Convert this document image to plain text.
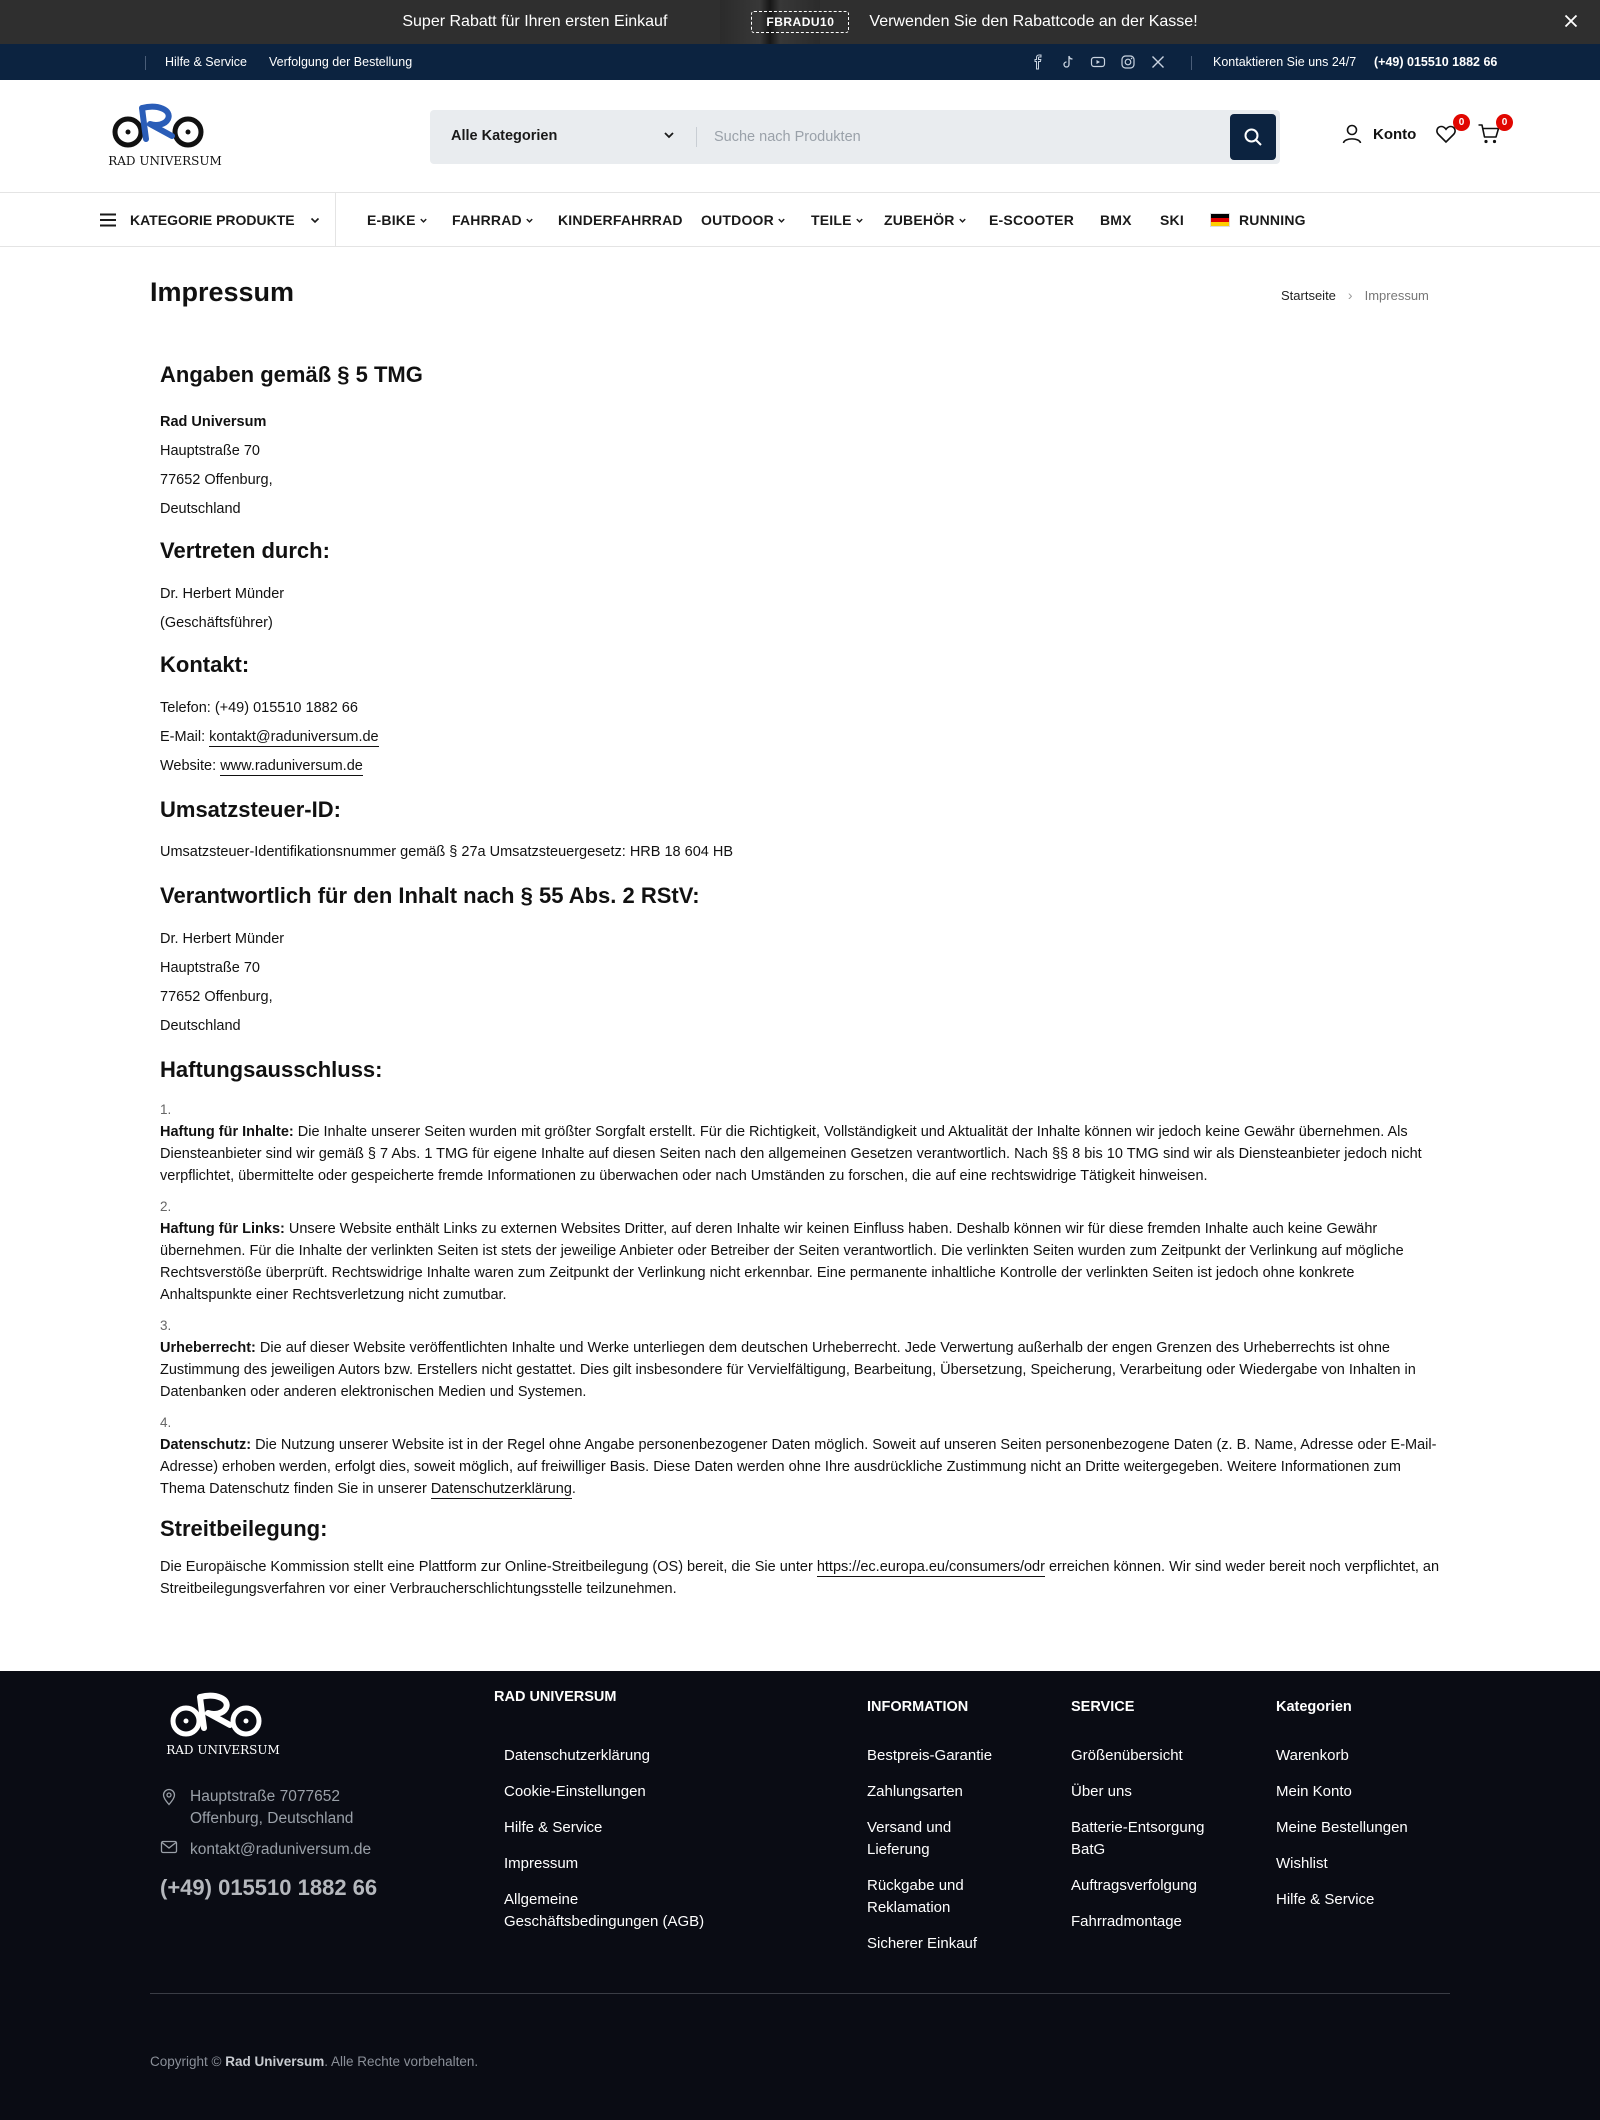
Super Rabatt für Ihren ersten Einkauf	FBRADU10	Verwenden Sie den Rabattcode an der Kasse!
Hilfe & Service Verfolgung der Bestellung	Kontaktieren Sie uns 24/7 (+49) 015510 1882 66
RAD UNIVERSUM
Alle Kategorien
Suche nach Produkten	Konto
0	0
KATEGORIE PRODUKTE	E-BIKE	FAHRRAD	KINDERFAHRRAD OUTDOOR	TEILE ZUBEHÖR E-SCOOTER BMX SKI	RUNNING
Impressum	Startseite › Impressum
Angaben gemäß § 5 TMG
Rad Universum
Hauptstraße 70
77652 Offenburg,
Deutschland
Vertreten durch:
Dr. Herbert Münder
(Geschäftsführer)
Kontakt:
Telefon: (+49) 015510 1882 66
E-Mail: kontakt@raduniversum.de
Website: www.raduniversum.de
Umsatzsteuer-ID:
Umsatzsteuer-Identifikationsnummer gemäß § 27a Umsatzsteuergesetz: HRB 18 604 HB
Verantwortlich für den Inhalt nach § 55 Abs. 2 RStV:
Dr. Herbert Münder
Hauptstraße 70
77652 Offenburg,
Deutschland
Haftungsausschluss:
1.
Haftung für Inhalte: Die Inhalte unserer Seiten wurden mit größter Sorgfalt erstellt. Für die Richtigkeit, Vollständigkeit und Aktualität der Inhalte können wir jedoch keine Gewähr übernehmen. Als Diensteanbieter sind wir gemäß § 7 Abs. 1 TMG für eigene Inhalte auf diesen Seiten nach den allgemeinen Gesetzen verantwortlich. Nach §§ 8 bis 10 TMG sind wir als Diensteanbieter jedoch nicht verpflichtet, übermittelte oder gespeicherte fremde Informationen zu überwachen oder nach Umständen zu forschen, die auf eine rechtswidrige Tätigkeit hinweisen.
2.
Haftung für Links: Unsere Website enthält Links zu externen Websites Dritter, auf deren Inhalte wir keinen Einfluss haben. Deshalb können wir für diese fremden Inhalte auch keine Gewähr übernehmen. Für die Inhalte der verlinkten Seiten ist stets der jeweilige Anbieter oder Betreiber der Seiten verantwortlich. Die verlinkten Seiten wurden zum Zeitpunkt der Verlinkung auf mögliche Rechtsverstöße überprüft. Rechtswidrige Inhalte waren zum Zeitpunkt der Verlinkung nicht erkennbar. Eine permanente inhaltliche Kontrolle der verlinkten Seiten ist jedoch ohne konkrete Anhaltspunkte einer Rechtsverletzung nicht zumutbar.
3.
Urheberrecht: Die auf dieser Website veröffentlichten Inhalte und Werke unterliegen dem deutschen Urheberrecht. Jede Verwertung außerhalb der engen Grenzen des Urheberrechts ist ohne Zustimmung des jeweiligen Autors bzw. Erstellers nicht gestattet. Dies gilt insbesondere für Vervielfältigung, Bearbeitung, Übersetzung, Speicherung, Verarbeitung oder Wiedergabe von Inhalten in Datenbanken oder anderen elektronischen Medien und Systemen.
4.
Datenschutz: Die Nutzung unserer Website ist in der Regel ohne Angabe personenbezogener Daten möglich. Soweit auf unseren Seiten personenbezogene Daten (z. B. Name, Adresse oder E-Mail-Adresse) erhoben werden, erfolgt dies, soweit möglich, auf freiwilliger Basis. Diese Daten werden ohne Ihre ausdrückliche Zustimmung nicht an Dritte weitergegeben. Weitere Informationen zum Thema Datenschutz finden Sie in unserer Datenschutzerklärung.
Streitbeilegung:
Die Europäische Kommission stellt eine Plattform zur Online-Streitbeilegung (OS) bereit, die Sie unter https://ec.europa.eu/consumers/odr erreichen können. Wir sind weder bereit noch verpflichtet, an Streitbeilegungsverfahren vor einer Verbraucherschlichtungsstelle teilzunehmen.
RAD UNIVERSUM
Hauptstraße 7077652
Offenburg, Deutschland
kontakt@raduniversum.de
(+49) 015510 1882 66
RAD UNIVERSUM
Datenschutzerklärung
Cookie-Einstellungen
Hilfe & Service
Impressum
Allgemeine
Geschäftsbedingungen (AGB)
INFORMATION
Bestpreis-Garantie
Zahlungsarten
Versand und
Lieferung
Rückgabe und
Reklamation
Sicherer Einkauf
SERVICE
Größenübersicht
Über uns
Batterie-Entsorgung
BatG
Auftragsverfolgung
Fahrradmontage
Kategorien
Warenkorb
Mein Konto
Meine Bestellungen
Wishlist
Hilfe & Service
Copyright © Rad Universum. Alle Rechte vorbehalten.
